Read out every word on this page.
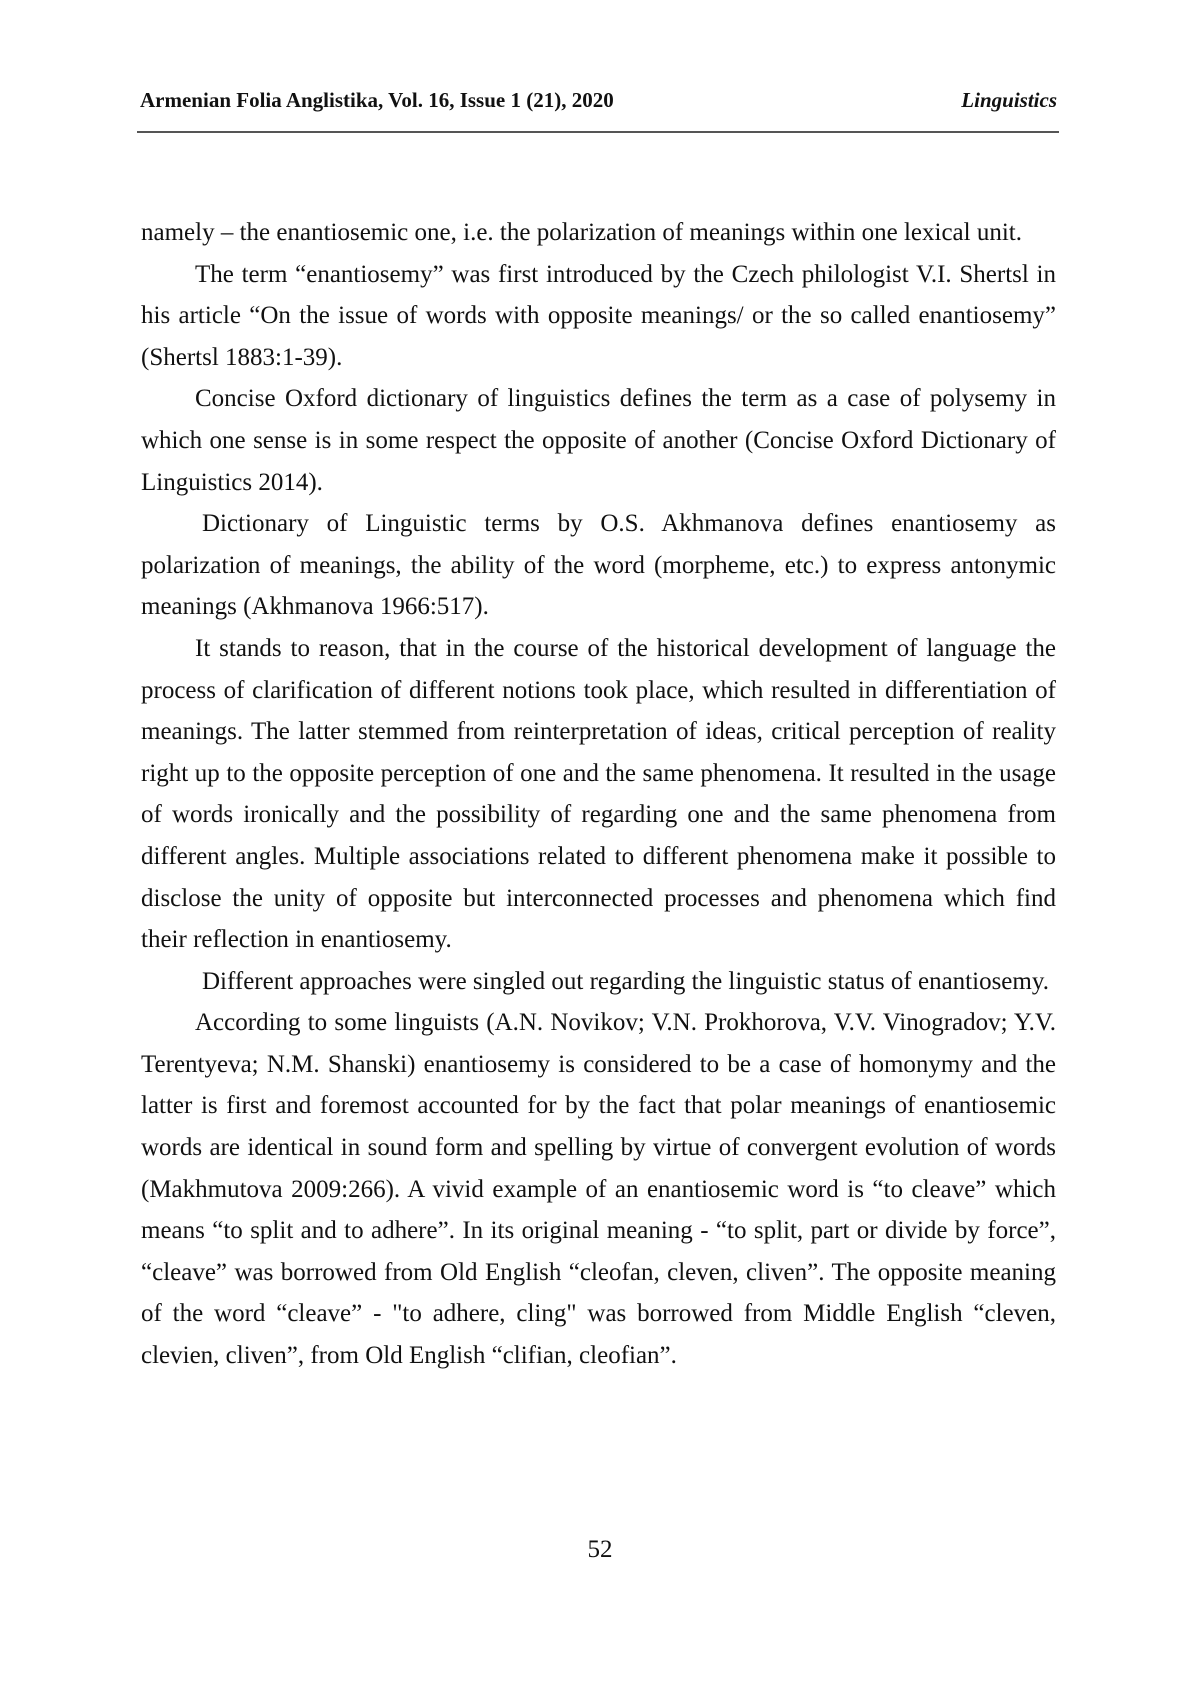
Armenian Folia Anglistika, Vol. 16, Issue 1 (21), 2020	Linguistics

namely – the enantiosemic one, i.e. the polarization of meanings within one lexical unit.

The term “enantiosemy” was first introduced by the Czech philologist V.I. Shertsl in his article “On the issue of words with opposite meanings/ or the so called enantiosemy” (Shertsl 1883:1-39).

Concise Oxford dictionary of linguistics defines the term as a case of polysemy in which one sense is in some respect the opposite of another (Concise Oxford Dictionary of Linguistics 2014).

Dictionary of Linguistic terms by O.S. Akhmanova defines enantiosemy as polarization of meanings, the ability of the word (morpheme, etc.) to express antonymic meanings (Akhmanova 1966:517).

It stands to reason, that in the course of the historical development of language the process of clarification of different notions took place, which resulted in differentiation of meanings. The latter stemmed from reinterpretation of ideas, critical perception of reality right up to the opposite perception of one and the same phenomena. It resulted in the usage of words ironically and the possibility of regarding one and the same phenomena from different angles. Multiple associations related to different phenomena make it possible to disclose the unity of opposite but interconnected processes and phenomena which find their reflection in enantiosemy.

Different approaches were singled out regarding the linguistic status of enantiosemy.

According to some linguists (A.N. Novikov; V.N. Prokhorova, V.V. Vinogradov; Y.V. Terentyeva; N.M. Shanski) enantiosemy is considered to be a case of homonymy and the latter is first and foremost accounted for by the fact that polar meanings of enantiosemic words are identical in sound form and spelling by virtue of convergent evolution of words (Makhmutova 2009:266). A vivid example of an enantiosemic word is “to cleave” which means “to split and to adhere”. In its original meaning - “to split, part or divide by force”, “cleave” was borrowed from Old English “cleofan, cleven, cliven”. The opposite meaning of the word “cleave” - "to adhere, cling" was borrowed from Middle English “cleven, clevien, cliven”, from Old English “clifian, cleofian”.

52
